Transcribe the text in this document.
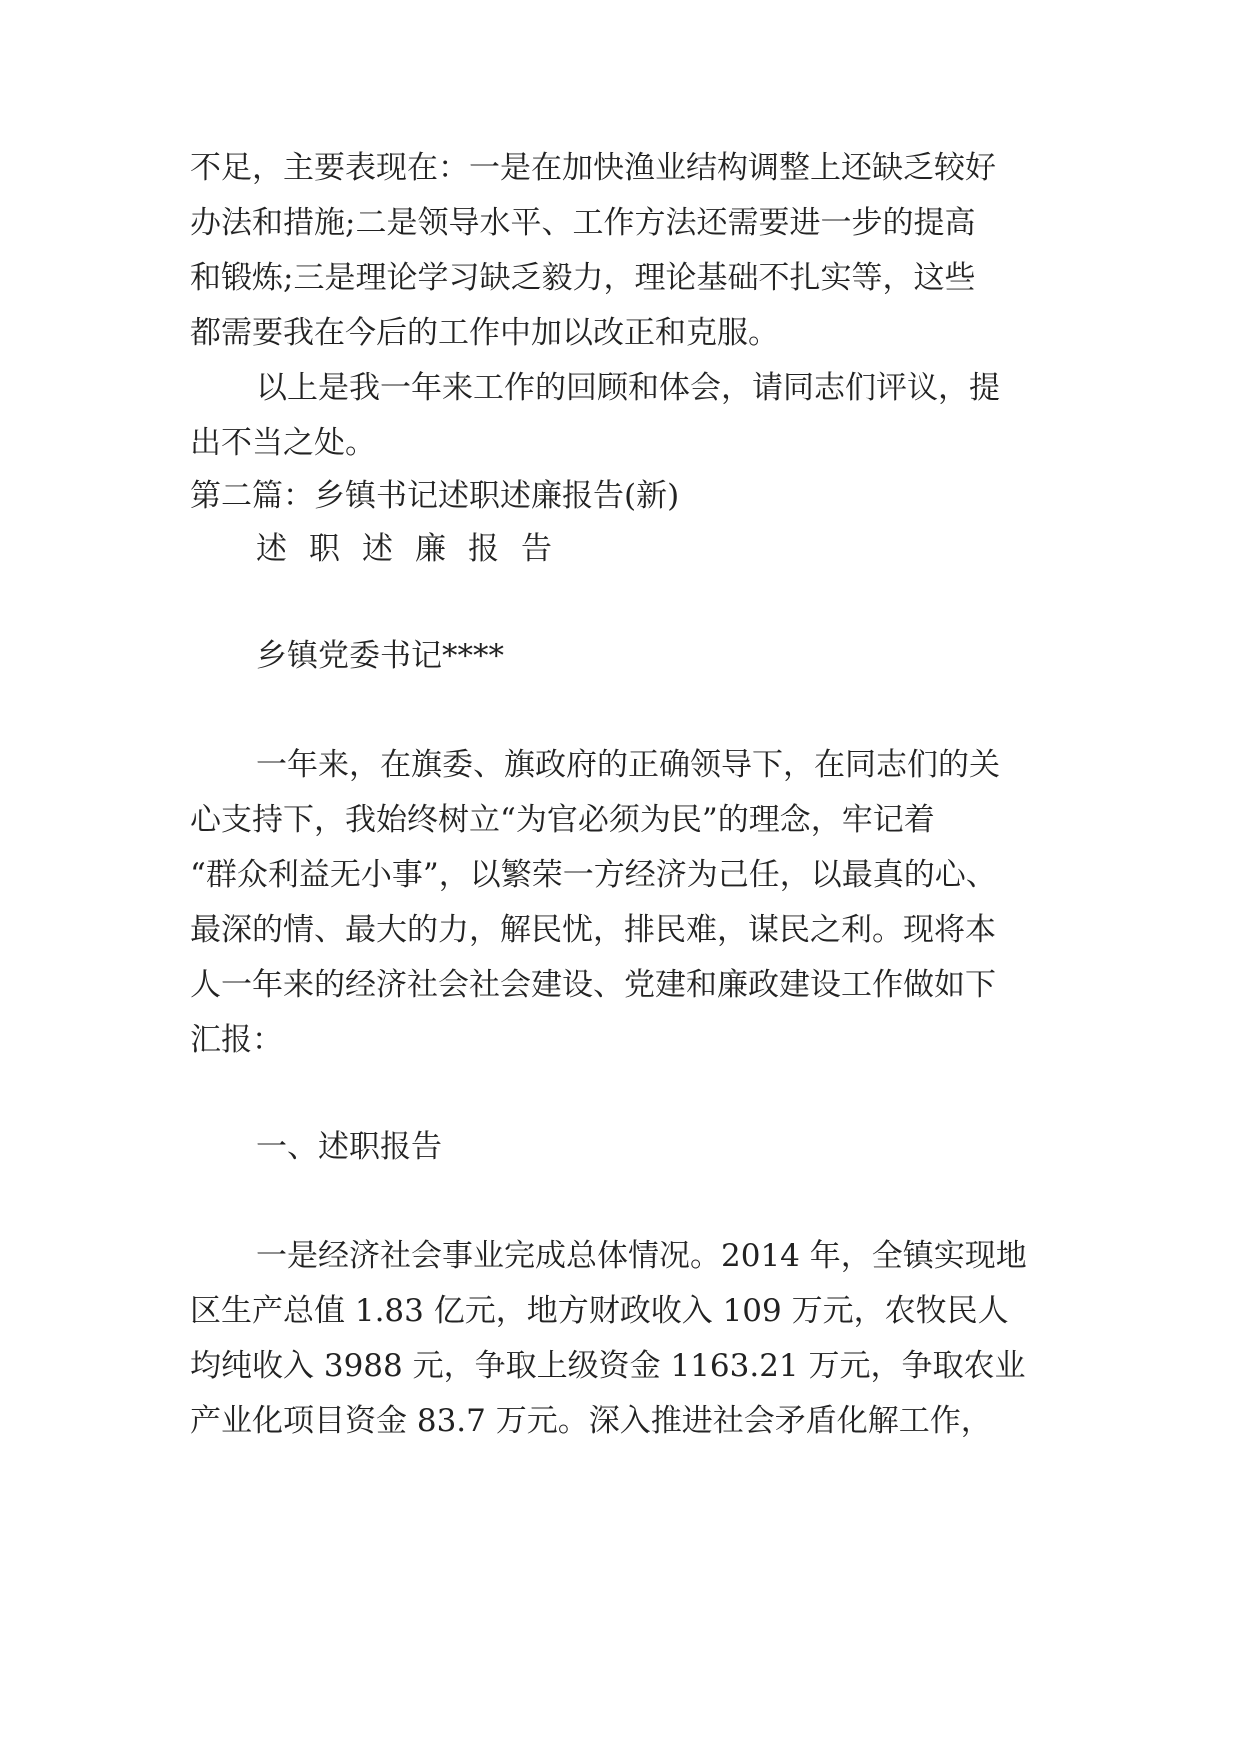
不足，主要表现在：一是在加快渔业结构调整上还缺乏较好

办法和措施;二是领导水平、工作方法还需要进一步的提高

和锻炼;三是理论学习缺乏毅力，理论基础不扎实等，这些

都需要我在今后的工作中加以改正和克服。

以上是我一年来工作的回顾和体会，请同志们评议，提

出不当之处。

第二篇：乡镇书记述职述廉报告(新)

述职述廉报告

乡镇党委书记****

一年来，在旗委、旗政府的正确领导下，在同志们的关

心支持下，我始终树立“为官必须为民”的理念，牢记着

“群众利益无小事”，以繁荣一方经济为己任，以最真的心、

最深的情、最大的力，解民忧，排民难，谋民之利。现将本

人一年来的经济社会社会建设、党建和廉政建设工作做如下

汇报：

一、述职报告

一是经济社会事业完成总体情况。2014 年，全镇实现地

区生产总值 1.83 亿元，地方财政收入 109 万元，农牧民人

均纯收入 3988 元，争取上级资金 1163.21 万元，争取农业

产业化项目资金 83.7 万元。深入推进社会矛盾化解工作，
